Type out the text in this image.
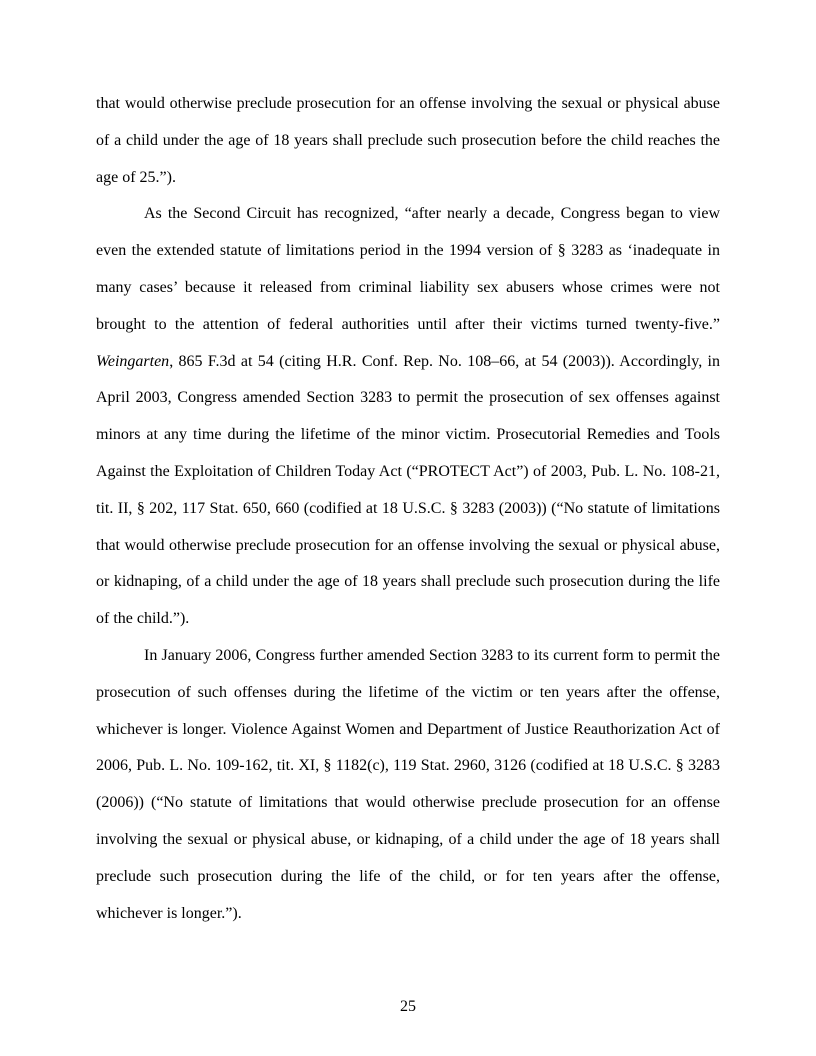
that would otherwise preclude prosecution for an offense involving the sexual or physical abuse of a child under the age of 18 years shall preclude such prosecution before the child reaches the age of 25.”).

As the Second Circuit has recognized, “after nearly a decade, Congress began to view even the extended statute of limitations period in the 1994 version of § 3283 as ‘inadequate in many cases’ because it released from criminal liability sex abusers whose crimes were not brought to the attention of federal authorities until after their victims turned twenty-five.” Weingarten, 865 F.3d at 54 (citing H.R. Conf. Rep. No. 108–66, at 54 (2003)). Accordingly, in April 2003, Congress amended Section 3283 to permit the prosecution of sex offenses against minors at any time during the lifetime of the minor victim. Prosecutorial Remedies and Tools Against the Exploitation of Children Today Act (“PROTECT Act”) of 2003, Pub. L. No. 108-21, tit. II, § 202, 117 Stat. 650, 660 (codified at 18 U.S.C. § 3283 (2003)) (“No statute of limitations that would otherwise preclude prosecution for an offense involving the sexual or physical abuse, or kidnaping, of a child under the age of 18 years shall preclude such prosecution during the life of the child.”).

In January 2006, Congress further amended Section 3283 to its current form to permit the prosecution of such offenses during the lifetime of the victim or ten years after the offense, whichever is longer. Violence Against Women and Department of Justice Reauthorization Act of 2006, Pub. L. No. 109-162, tit. XI, § 1182(c), 119 Stat. 2960, 3126 (codified at 18 U.S.C. § 3283 (2006)) (“No statute of limitations that would otherwise preclude prosecution for an offense involving the sexual or physical abuse, or kidnaping, of a child under the age of 18 years shall preclude such prosecution during the life of the child, or for ten years after the offense, whichever is longer.”).

25
